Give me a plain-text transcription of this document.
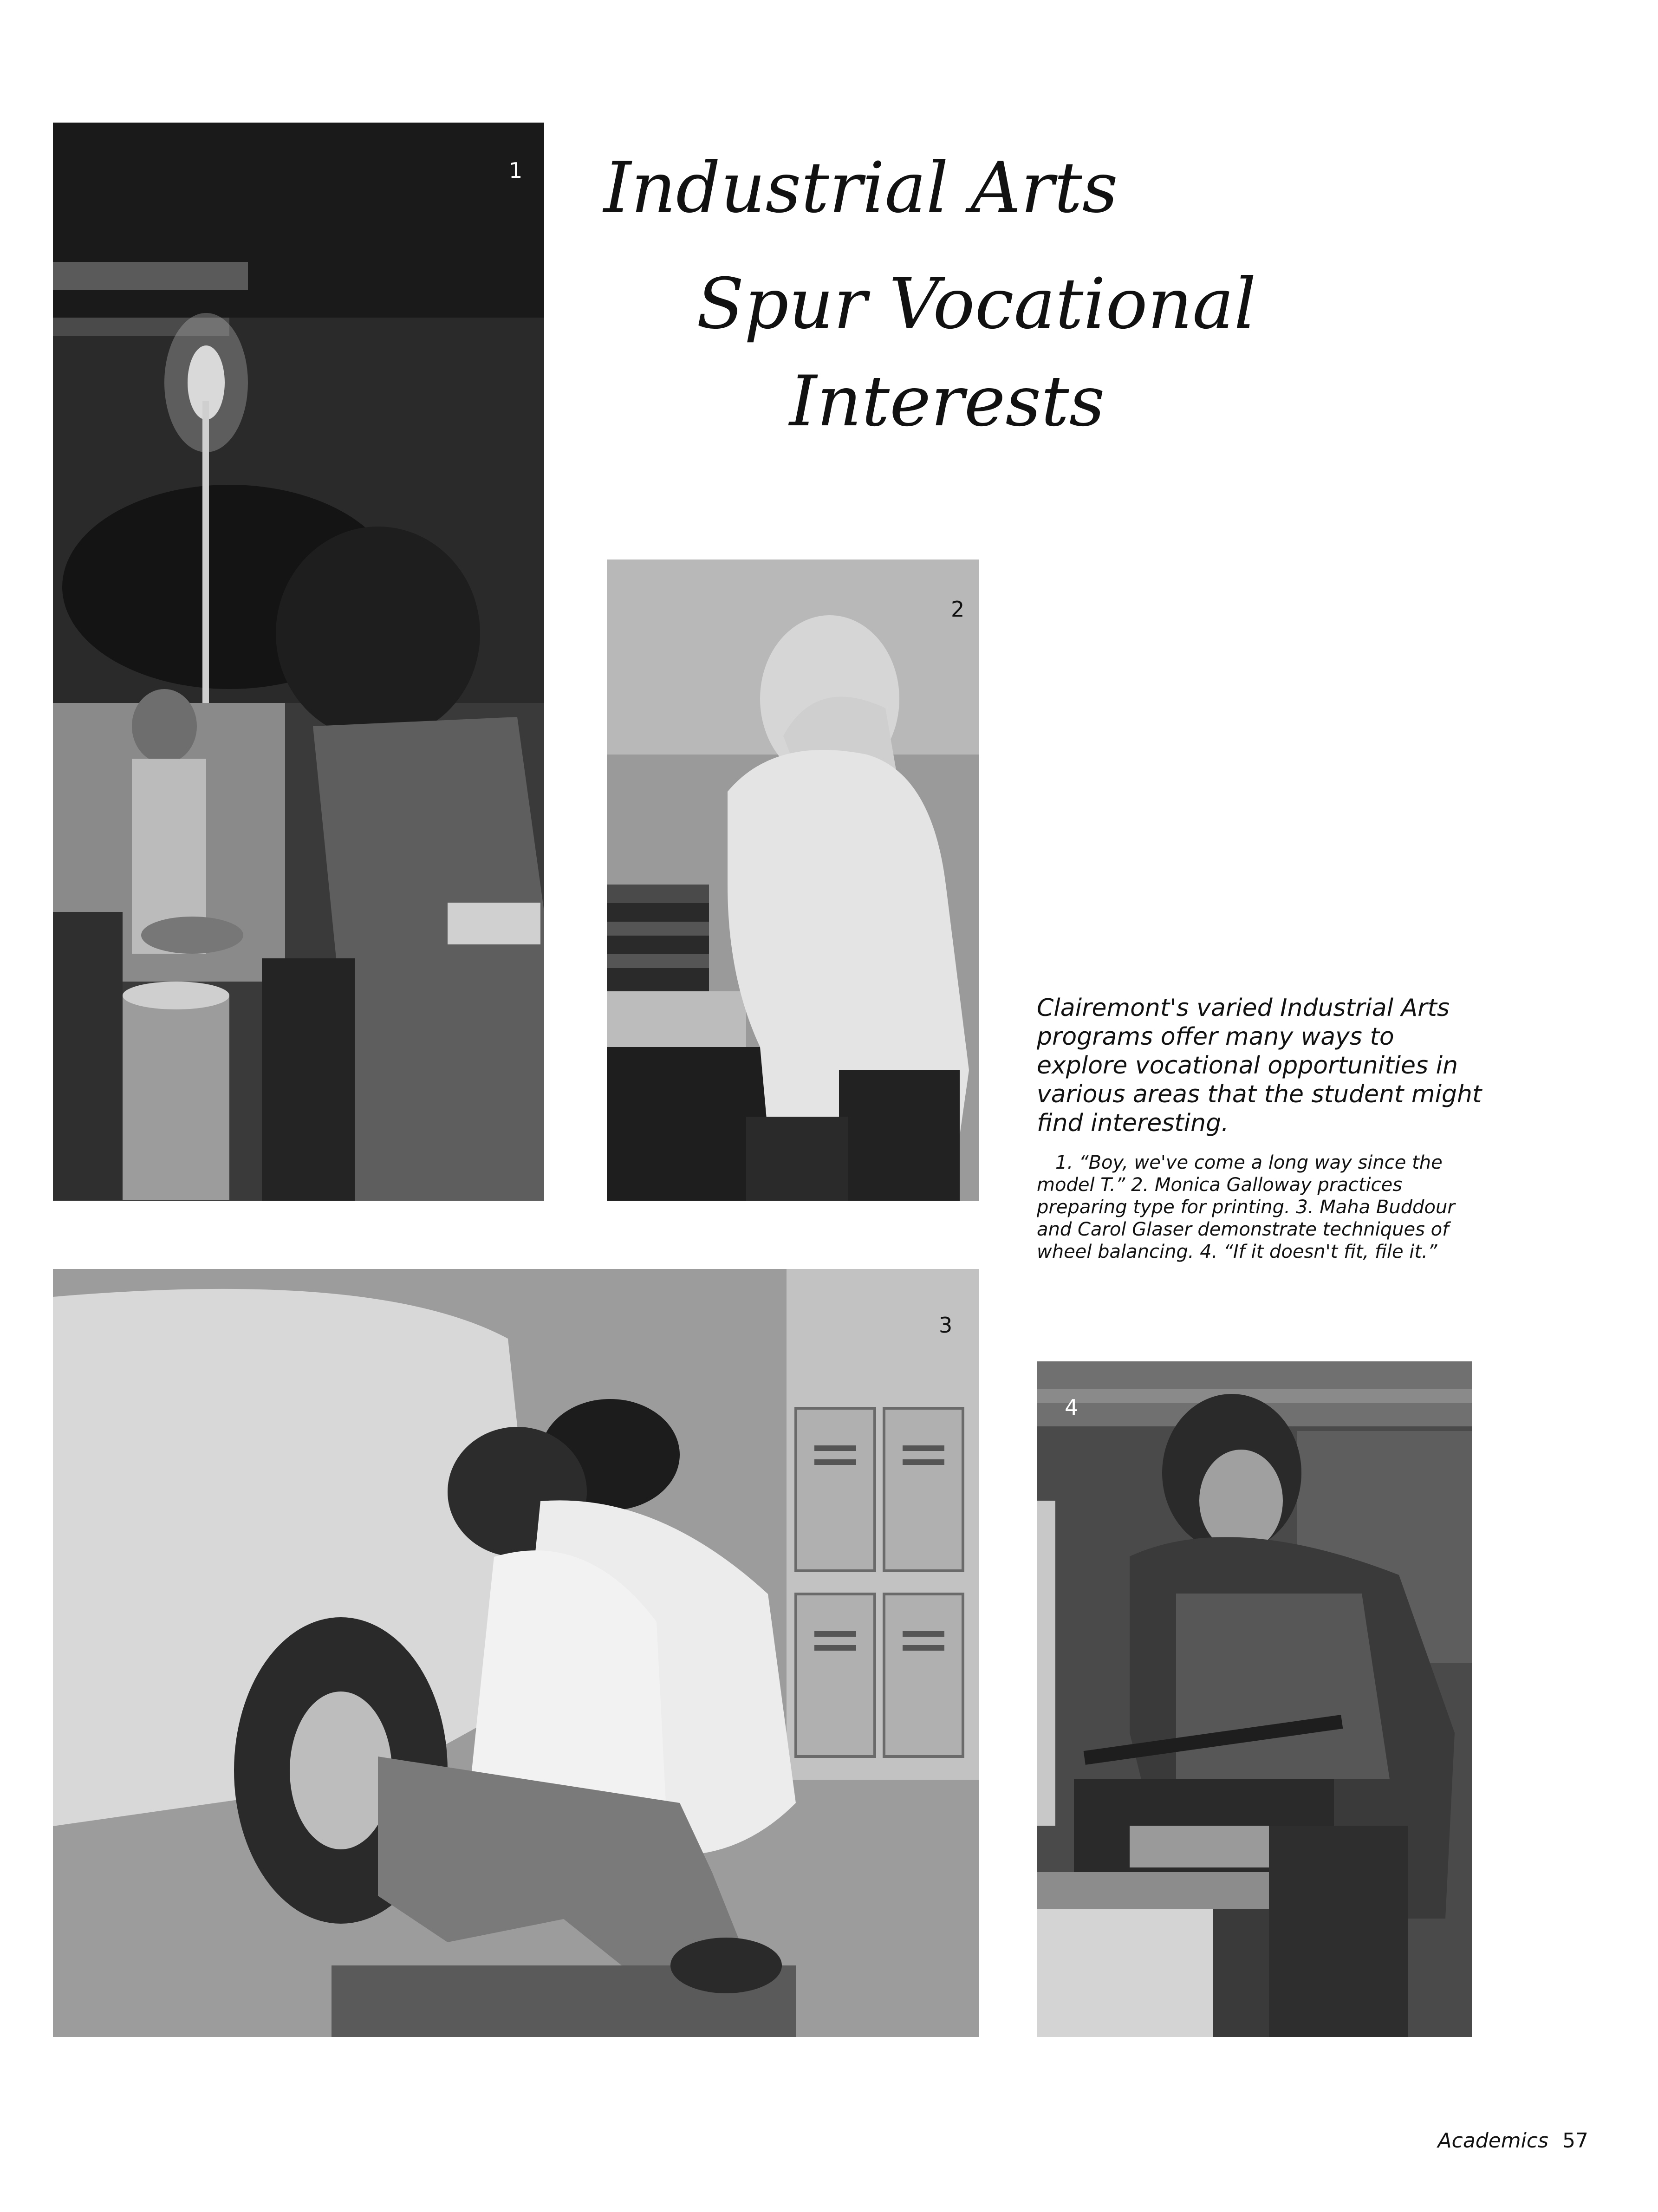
1 Industrial Arts
Spur Vocational
Interests
2
Clairemont's varied Industrial Arts programs offer many ways to explore vocational opportunities in various areas that the student might find interesting.
1. “Boy, we've come a long way since the model T.” 2. Monica Galloway practices preparing type for printing. 3. Maha Buddour and Carol Glaser demonstrate techniques of wheel balancing. 4. “If it doesn't fit, file it.”
3
4
Academics 57
